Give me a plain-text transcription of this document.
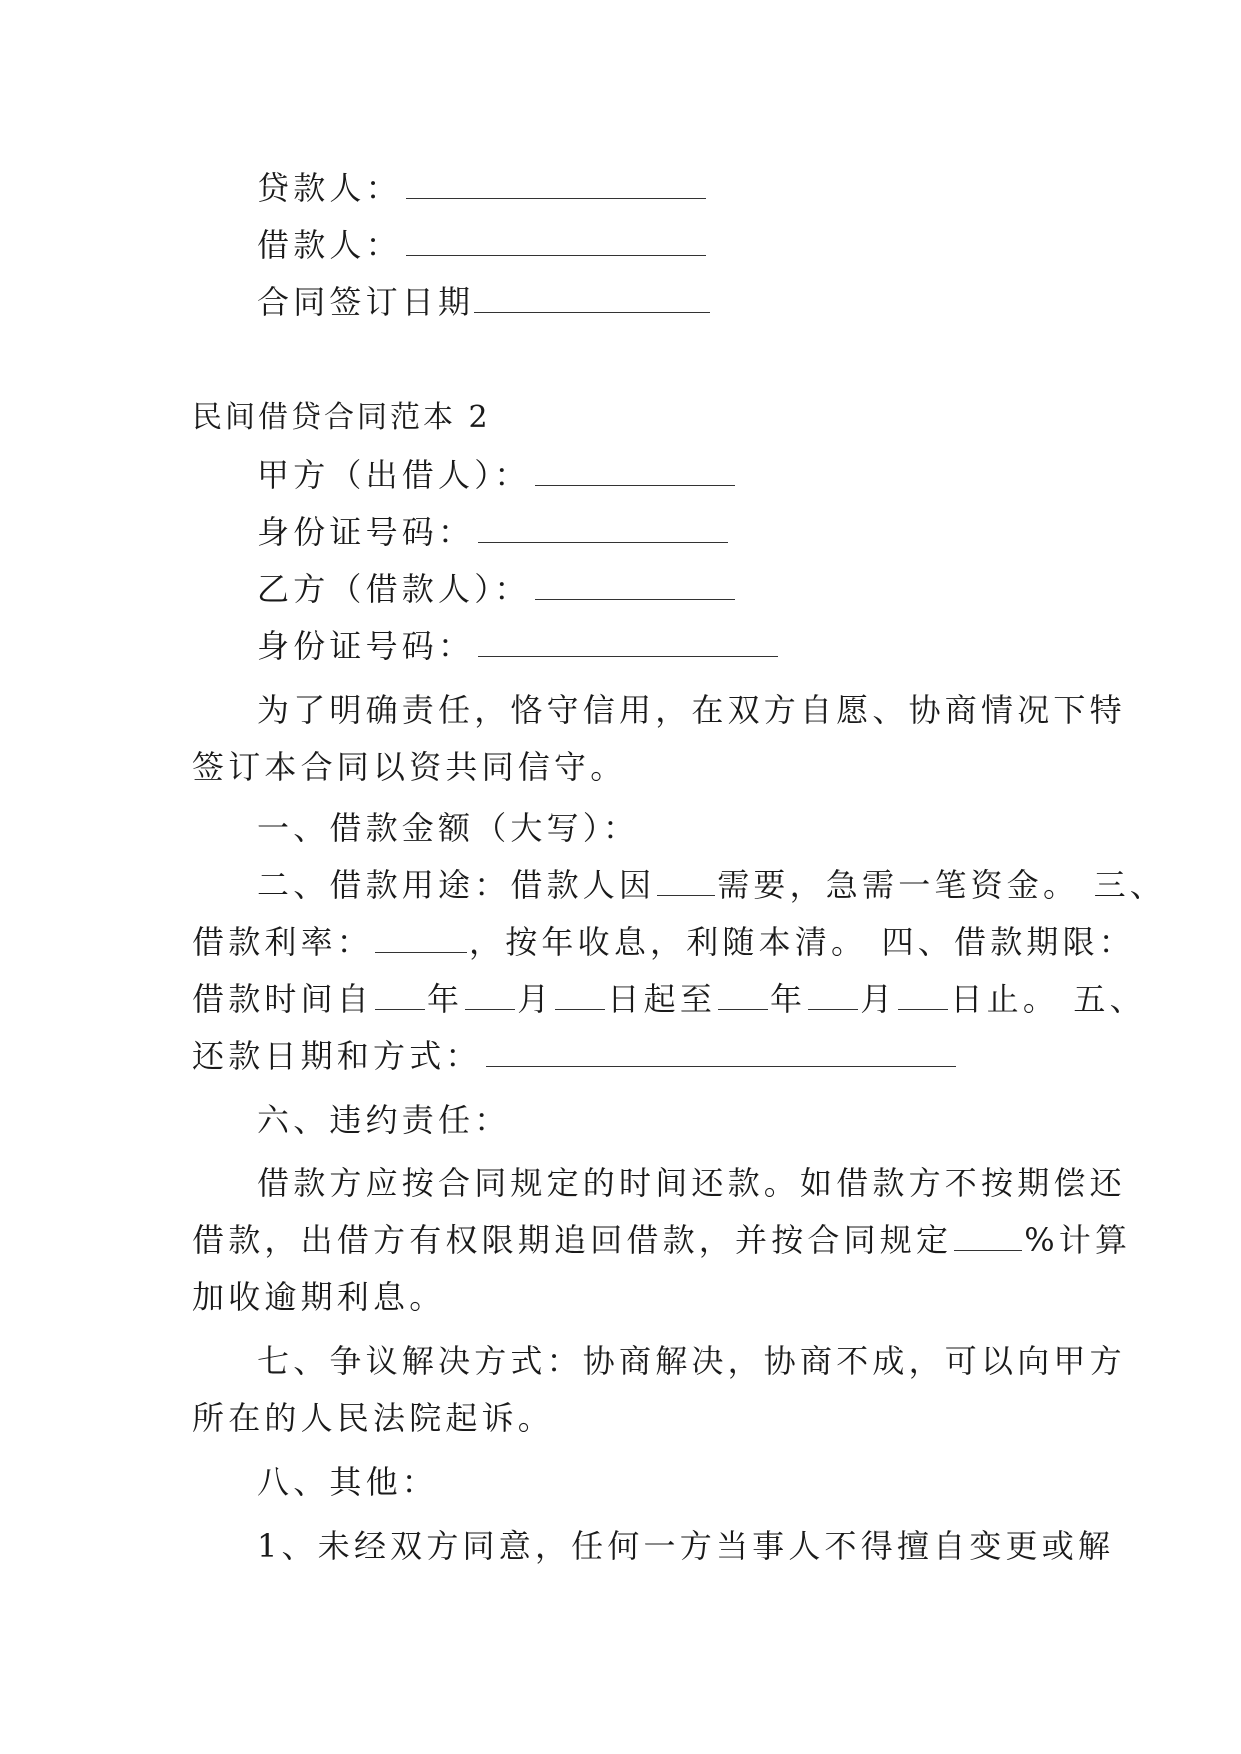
贷款人：
借款人：
合同签订日期
民间借贷合同范本 2
甲方（出借人）：
身份证号码：
乙方（借款人）：
身份证号码：
为了明确责任，恪守信用，在双方自愿、协商情况下特
签订本合同以资共同信守。
一、借款金额（大写）：
二、借款用途：借款人因 需要，急需一笔资金。 三、
借款利率：	，按年收息，利随本清。 四、借款期限：
借款时间自 年 月 日起至 年 月 日止。 五、
还款日期和方式：
六、违约责任：
借款方应按合同规定的时间还款。如借款方不按期偿还
借款，出借方有权限期追回借款，并按合同规定 %计算
加收逾期利息。
七、争议解决方式：协商解决，协商不成，可以向甲方
所在的人民法院起诉。
八、其他：
1、未经双方同意，任何一方当事人不得擅自变更或解
